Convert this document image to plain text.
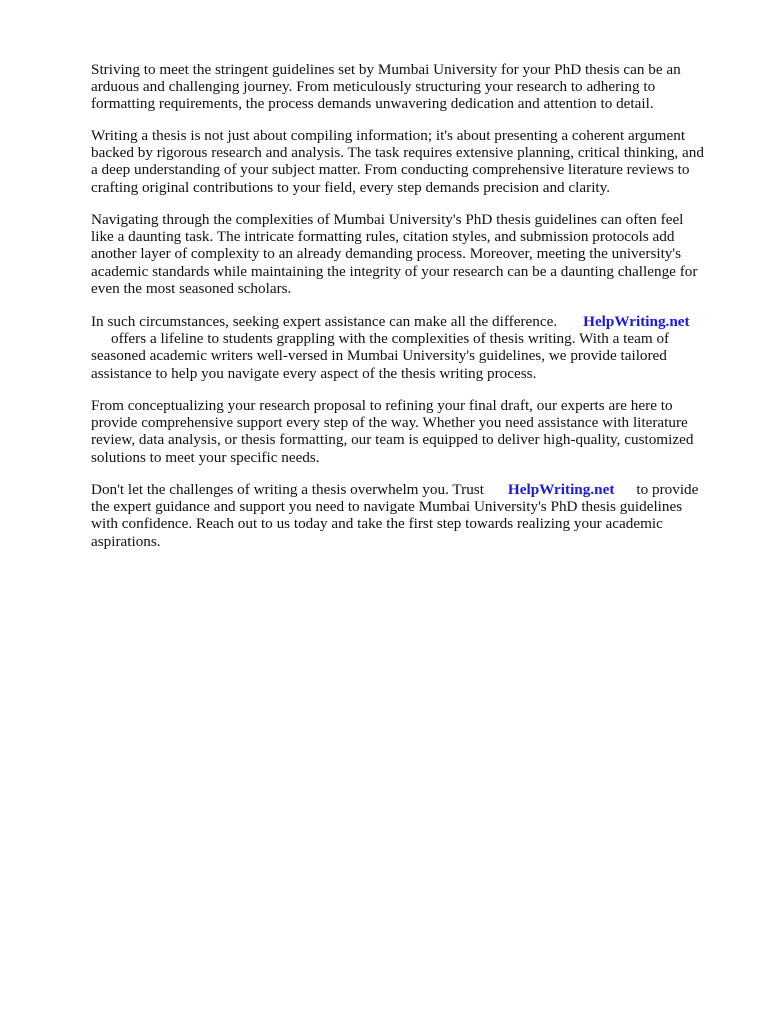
Striving to meet the stringent guidelines set by Mumbai University for your PhD thesis can be an
arduous and challenging journey. From meticulously structuring your research to adhering to
formatting requirements, the process demands unwavering dedication and attention to detail.
Writing a thesis is not just about compiling information; it's about presenting a coherent argument
backed by rigorous research and analysis. The task requires extensive planning, critical thinking, and
a deep understanding of your subject matter. From conducting comprehensive literature reviews to
crafting original contributions to your field, every step demands precision and clarity.
Navigating through the complexities of Mumbai University's PhD thesis guidelines can often feel
like a daunting task. The intricate formatting rules, citation styles, and submission protocols add
another layer of complexity to an already demanding process. Moreover, meeting the university's
academic standards while maintaining the integrity of your research can be a daunting challenge for
even the most seasoned scholars.
In such circumstances, seeking expert assistance can make all the difference. HelpWriting.net
offers a lifeline to students grappling with the complexities of thesis writing. With a team of
seasoned academic writers well-versed in Mumbai University's guidelines, we provide tailored
assistance to help you navigate every aspect of the thesis writing process.
From conceptualizing your research proposal to refining your final draft, our experts are here to
provide comprehensive support every step of the way. Whether you need assistance with literature
review, data analysis, or thesis formatting, our team is equipped to deliver high-quality, customized
solutions to meet your specific needs.
Don't let the challenges of writing a thesis overwhelm you. Trust HelpWriting.net to provide
the expert guidance and support you need to navigate Mumbai University's PhD thesis guidelines
with confidence. Reach out to us today and take the first step towards realizing your academic
aspirations.
